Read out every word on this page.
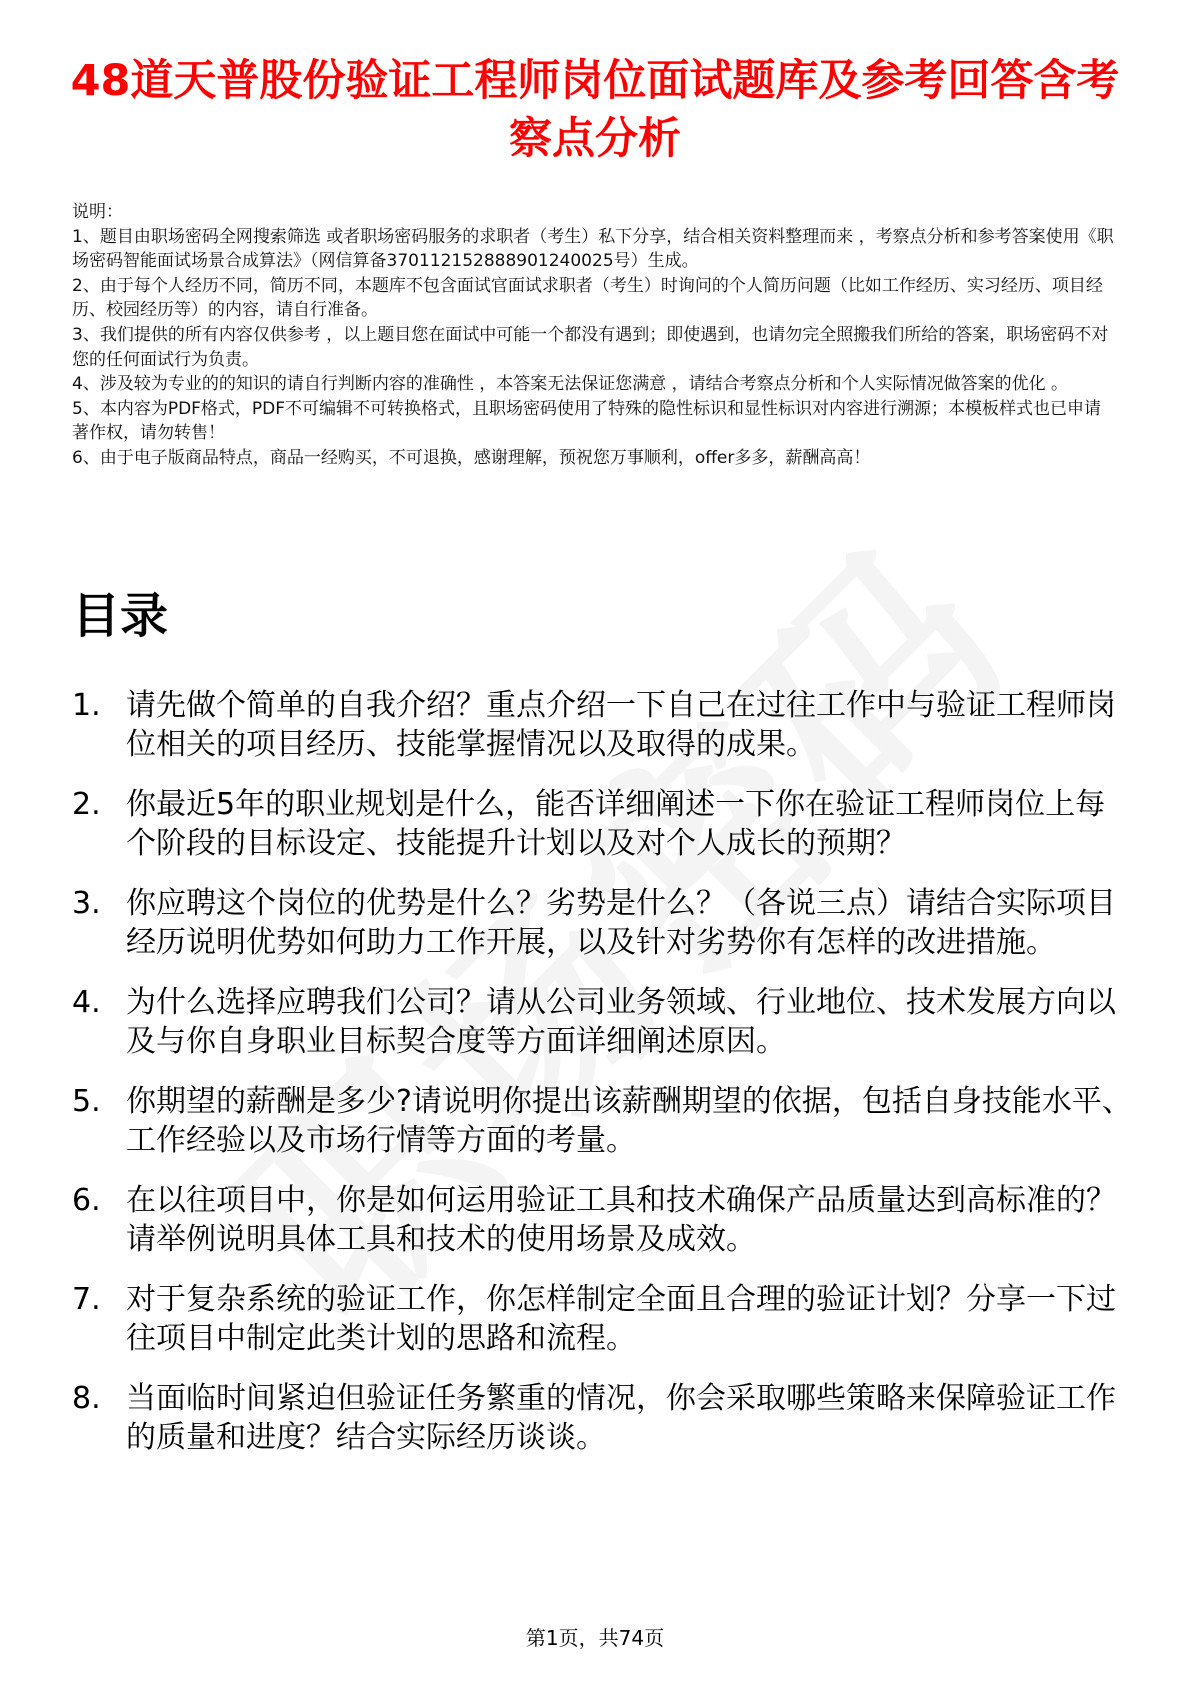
48道天普股份验证工程师岗位面试题库及参考回答含考察点分析

说明：

1、题目由职场密码全网搜索筛选 或者职场密码服务的求职者（考生）私下分享，结合相关资料整理而来 ，考察点分析和参考答案使用《职场密码智能面试场景合成算法》（网信算备370112152888901240025号）生成。

2、由于每个人经历不同，简历不同，本题库不包含面试官面试求职者（考生）时询问的个人简历问题（比如工作经历、实习经历、项目经历、校园经历等）的内容，请自行准备。

3、我们提供的所有内容仅供参考 ，以上题目您在面试中可能一个都没有遇到；即使遇到，也请勿完全照搬我们所给的答案，职场密码不对您的任何面试行为负责。

4、涉及较为专业的的知识的请自行判断内容的准确性 ，本答案无法保证您满意 ，请结合考察点分析和个人实际情况做答案的优化 。

5、本内容为PDF格式，PDF不可编辑不可转换格式，且职场密码使用了特殊的隐性标识和显性标识对内容进行溯源；本模板样式也已申请著作权，请勿转售！

6、由于电子版商品特点，商品一经购买，不可退换，感谢理解，预祝您万事顺利，offer多多，薪酬高高！

目录
1. 请先做个简单的自我介绍？重点介绍一下自己在过往工作中与验证工程师岗位相关的项目经历、技能掌握情况以及取得的成果。
2. 你最近5年的职业规划是什么，能否详细阐述一下你在验证工程师岗位上每个阶段的目标设定、技能提升计划以及对个人成长的预期？
3. 你应聘这个岗位的优势是什么？劣势是什么？（各说三点）请结合实际项目经历说明优势如何助力工作开展，以及针对劣势你有怎样的改进措施。
4. 为什么选择应聘我们公司？请从公司业务领域、行业地位、技术发展方向以及与你自身职业目标契合度等方面详细阐述原因。
5. 你期望的薪酬是多少?请说明你提出该薪酬期望的依据，包括自身技能水平、工作经验以及市场行情等方面的考量。
6. 在以往项目中，你是如何运用验证工具和技术确保产品质量达到高标准的？请举例说明具体工具和技术的使用场景及成效。
7. 对于复杂系统的验证工作，你怎样制定全面且合理的验证计划？分享一下过往项目中制定此类计划的思路和流程。
8. 当面临时间紧迫但验证任务繁重的情况，你会采取哪些策略来保障验证工作的质量和进度？结合实际经历谈谈。
第1页，共74页
